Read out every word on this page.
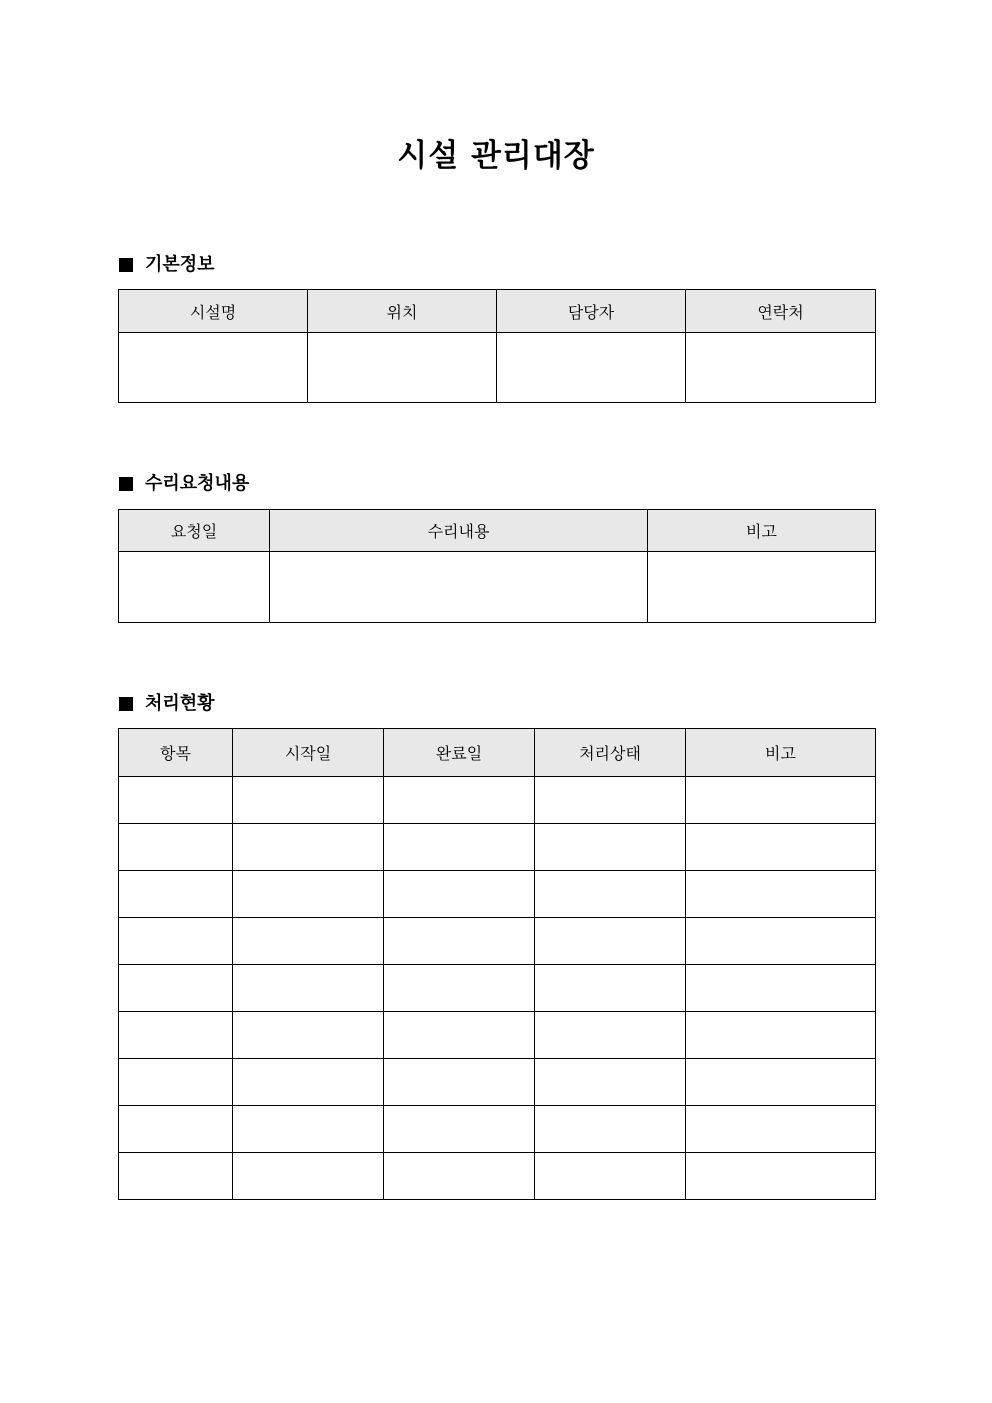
시설 관리대장
기본정보
시설명	위치	담당자	연락처

수리요청내용
요청일	수리내용	비고

처리현황
항목	시작일	완료일	처리상태	비고
